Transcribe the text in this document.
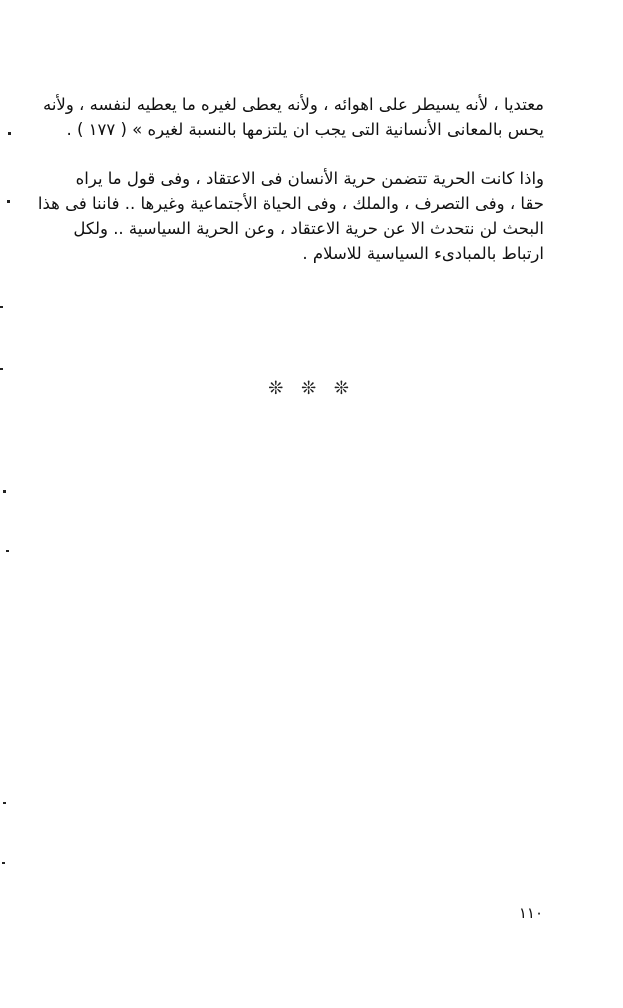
معتديا ، لأنه يسيطر على اهوائه ، ولأنه يعطى لغيره ما يعطيه لنفسه ، ولأنه
يحس بالمعانى الأنسانية التى يجب ان يلتزمها بالنسبة لغيره » ( ١٧٧ ) .
واذا كانت الحرية تتضمن حرية الأنسان فى الاعتقاد ، وفى قول ما يراه
حقا ، وفى التصرف ، والملك ، وفى الحياة الأجتماعية وغيرها .. فاننا فى هذا
البحث لن نتحدث الا عن حرية الاعتقاد ، وعن الحرية السياسية .. ولكل
ارتباط بالمبادىء السياسية للاسلام .
❊ ❊ ❊
١١٠
